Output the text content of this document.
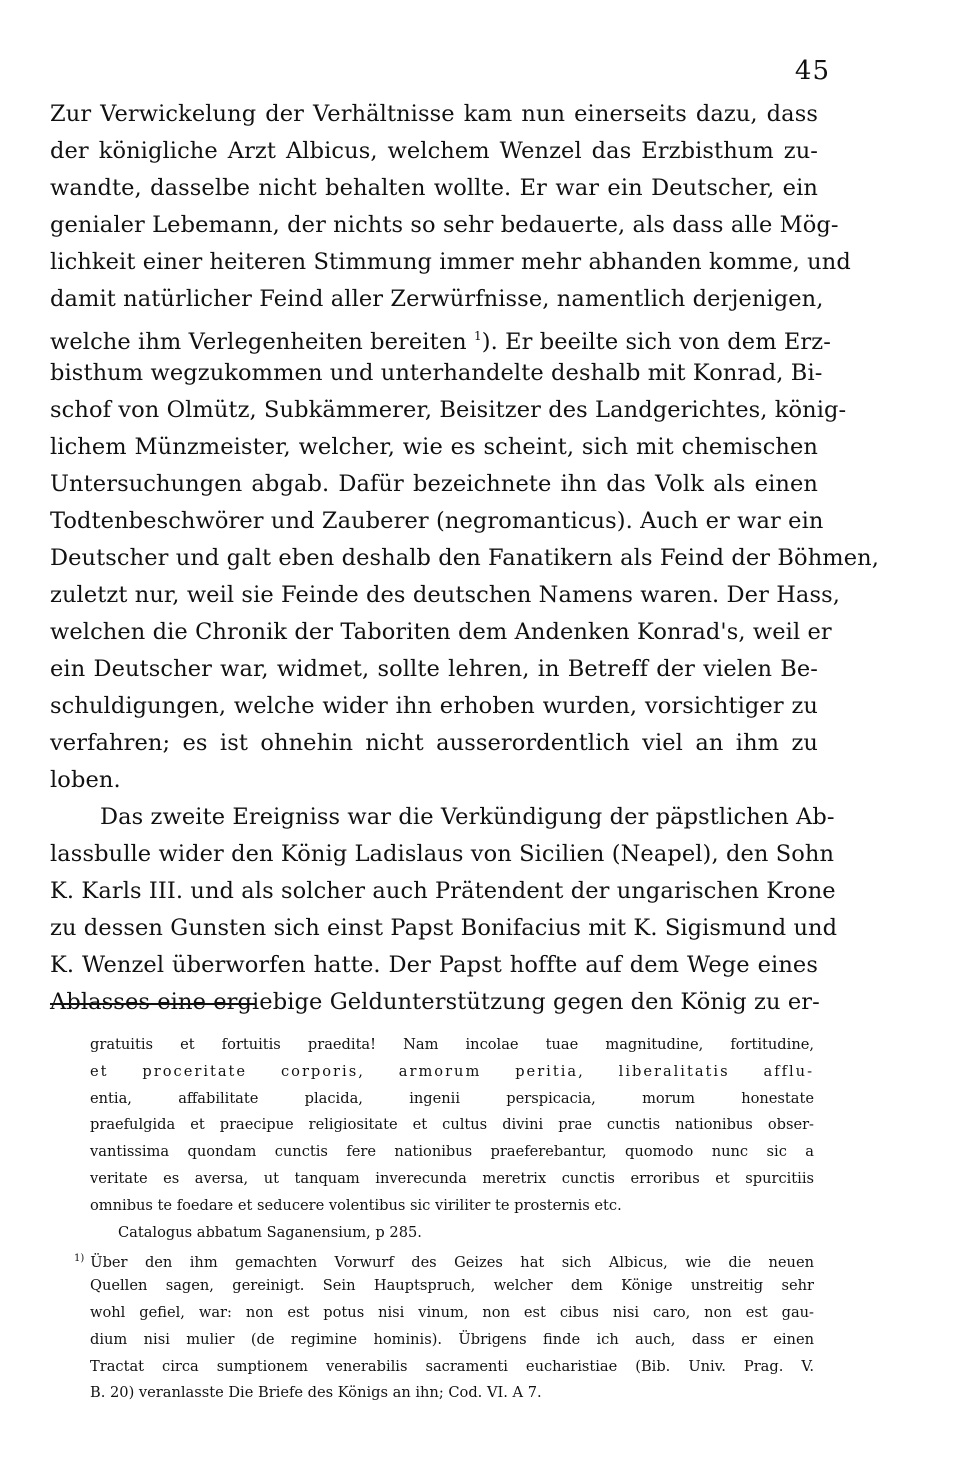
45
Zur Verwickelung der Verhältnisse kam nun einerseits dazu, dass
der königliche Arzt Albicus, welchem Wenzel das Erzbisthum zu-
wandte, dasselbe nicht behalten wollte. Er war ein Deutscher, ein
genialer Lebemann, der nichts so sehr bedauerte, als dass alle Mög-
lichkeit einer heiteren Stimmung immer mehr abhanden komme, und
damit natürlicher Feind aller Zerwürfnisse, namentlich derjenigen,
welche ihm Verlegenheiten bereiten $^1$). Er beeilte sich von dem Erz-
bisthum wegzukommen und unterhandelte deshalb mit Konrad, Bi-
schof von Olmütz, Subkämmerer, Beisitzer des Landgerichtes, könig-
lichem Münzmeister, welcher, wie es scheint, sich mit chemischen
Untersuchungen abgab. Dafür bezeichnete ihn das Volk als einen
Todtenbeschwörer und Zauberer (negromanticus). Auch er war ein
Deutscher und galt eben deshalb den Fanatikern als Feind der Böhmen,
zuletzt nur, weil sie Feinde des deutschen Namens waren. Der Hass,
welchen die Chronik der Taboriten dem Andenken Konrad's, weil er
ein Deutscher war, widmet, sollte lehren, in Betreff der vielen Be-
schuldigungen, welche wider ihn erhoben wurden, vorsichtiger zu
verfahren; es ist ohnehin nicht ausserordentlich viel an ihm zu
loben.
Das zweite Ereigniss war die Verkündigung der päpstlichen Ab-
lassbulle wider den König Ladislaus von Sicilien (Neapel), den Sohn
K. Karls III. und als solcher auch Prätendent der ungarischen Krone
zu dessen Gunsten sich einst Papst Bonifacius mit K. Sigismund und
K. Wenzel überworfen hatte. Der Papst hoffte auf dem Wege eines
Ablasses eine ergiebige Geldunterstützung gegen den König zu er-
gratuitis et fortuitis praedita! Nam incolae tuae magnitudine, fortitudine,
et proceritate corporis, armorum peritia, liberalitatis afflu-
entia, affabilitate placida, ingenii perspicacia, morum honestate
praefulgida et praecipue religiositate et cultus divini prae cunctis nationibus obser-
vantissima quondam cunctis fere nationibus praeferebantur, quomodo nunc sic a
veritate es aversa, ut tanquam inverecunda meretrix cunctis erroribus et spurcitiis
omnibus te foedare et seducere volentibus sic viriliter te prosternis etc.
Catalogus abbatum Saganensium, p 285.
$^{1)}$ Über den ihm gemachten Vorwurf des Geizes hat sich Albicus, wie die neuen
Quellen sagen, gereinigt. Sein Hauptspruch, welcher dem Könige unstreitig sehr
wohl gefiel, war: non est potus nisi vinum, non est cibus nisi caro, non est gau-
dium nisi mulier (de regimine hominis). Übrigens finde ich auch, dass er einen
Tractat circa sumptionem venerabilis sacramenti eucharistiae (Bib. Univ. Prag. V.
B. 20) veranlasste Die Briefe des Königs an ihn; Cod. VI. A 7.
